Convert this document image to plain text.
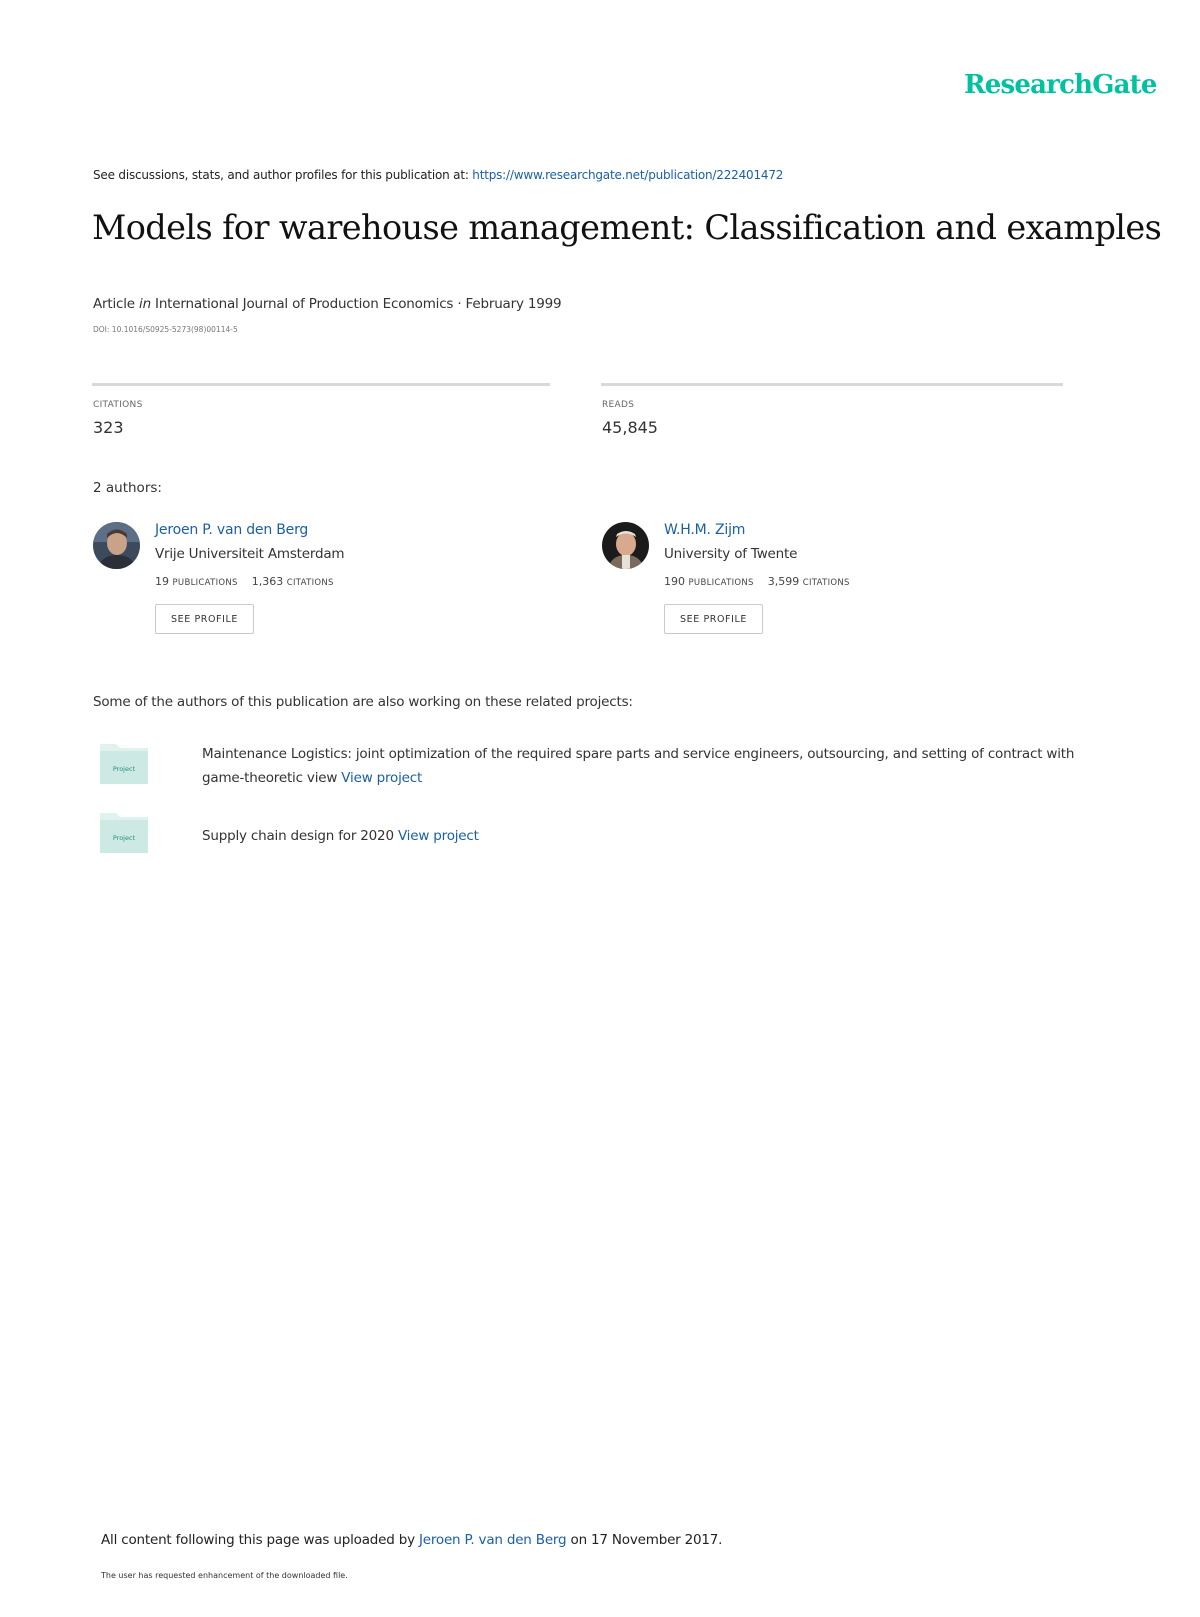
ResearchGate
See discussions, stats, and author profiles for this publication at: https://www.researchgate.net/publication/222401472
Models for warehouse management: Classification and examples
Article in International Journal of Production Economics · February 1999
DOI: 10.1016/S0925-5273(98)00114-5
CITATIONS
323
READS
45,845
2 authors:
Jeroen P. van den Berg
Vrije Universiteit Amsterdam
19 PUBLICATIONS 1,363 CITATIONS
SEE PROFILE
W.H.M. Zijm
University of Twente
190 PUBLICATIONS 3,599 CITATIONS
SEE PROFILE
Some of the authors of this publication are also working on these related projects:
Project
Maintenance Logistics: joint optimization of the required spare parts and service engineers, outsourcing, and setting of contract with game-theoretic view View project
Project	Supply chain design for 2020 View project
All content following this page was uploaded by Jeroen P. van den Berg on 17 November 2017.
The user has requested enhancement of the downloaded file.
